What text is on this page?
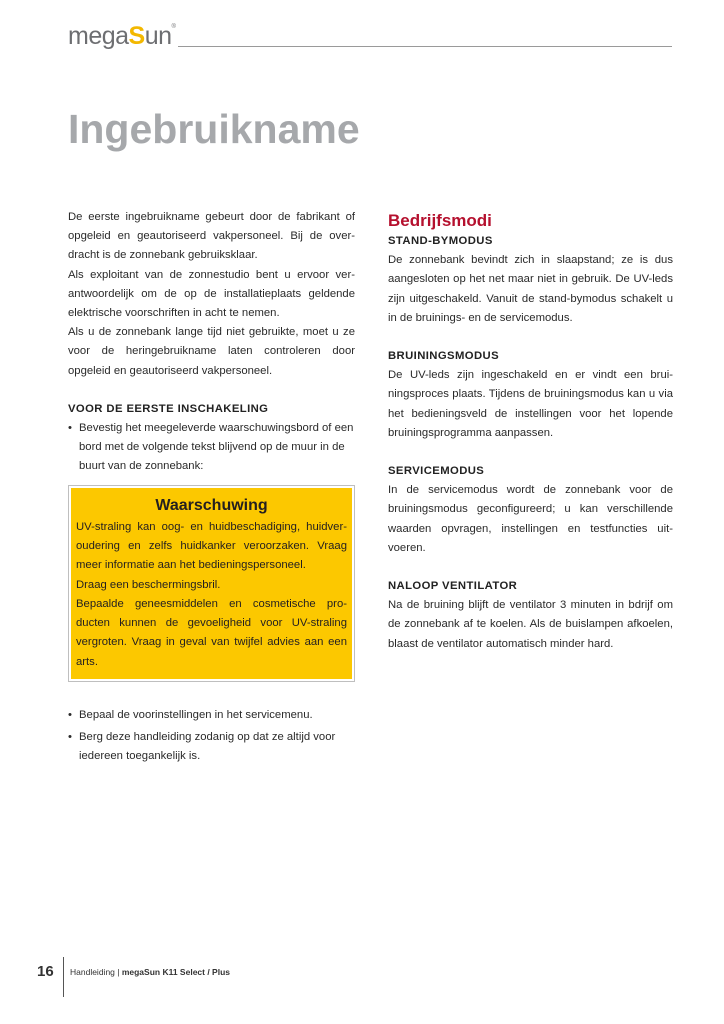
megaSun®
Ingebruikname

De eerste ingebruikname gebeurt door de fabrikant of opgeleid en geautoriseerd vakpersoneel. Bij de over-dracht is de zonnebank gebruiksklaar.

Als exploitant van de zonnestudio bent u ervoor ver-antwoordelijk om de op de installatieplaats geldende elektrische voorschriften in acht te nemen.

Als u de zonnebank lange tijd niet gebruikte, moet u ze voor de heringebruikname laten controleren door opgeleid en geautoriseerd vakpersoneel.

VOOR DE EERSTE INSCHAKELING

• Bevestig het meegeleverde waarschuwingsbord of een bord met de volgende tekst blijvend op de muur in de buurt van de zonnebank:

Waarschuwing

UV-straling kan oog- en huidbeschadiging, huidver-oudering en zelfs huidkanker veroorzaken. Vraag meer informatie aan het bedieningspersoneel.

Draag een beschermingsbril.

Bepaalde geneesmiddelen en cosmetische pro-ducten kunnen de gevoeligheid voor UV-straling vergroten. Vraag in geval van twijfel advies aan een arts.

• Bepaal de voorinstellingen in het servicemenu.

• Berg deze handleiding zodanig op dat ze altijd voor iedereen toegankelijk is.

Bedrijfsmodi

STAND-BYMODUS

De zonnebank bevindt zich in slaapstand; ze is dus aangesloten op het net maar niet in gebruik. De UV-leds zijn uitgeschakeld. Vanuit de stand-bymodus schakelt u in de bruinings- en de servicemodus.

BRUININGSMODUS

De UV-leds zijn ingeschakeld en er vindt een brui-ningsproces plaats. Tijdens de bruiningsmodus kan u via het bedieningsveld de instellingen voor het lopende bruiningsprogramma aanpassen.

SERVICEMODUS

In de servicemodus wordt de zonnebank voor de bruiningsmodus geconfigureerd; u kan verschillende waarden opvragen, instellingen en testfuncties uit-voeren.

NALOOP VENTILATOR

Na de bruining blijft de ventilator 3 minuten in bdrijf om de zonnebank af te koelen. Als de buislampen afkoelen, blaast de ventilator automatisch minder hard.

16 Handleiding | megaSun K11 Select / Plus
